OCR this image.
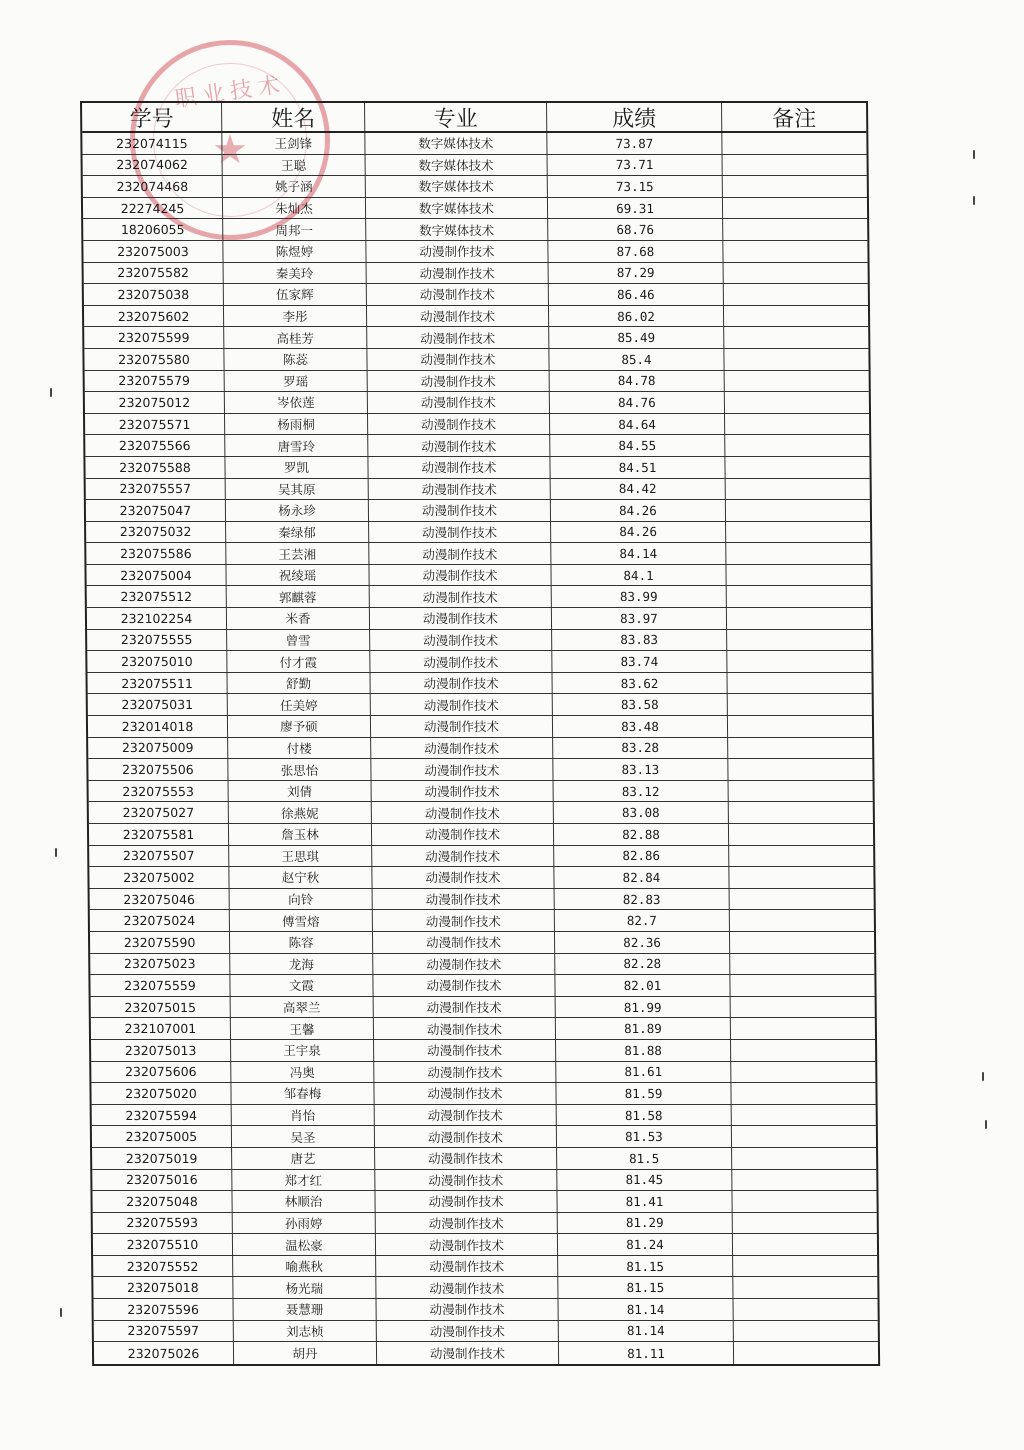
职业技术
★
学号	姓名	专业	成绩	备注
232074115	王剑锋	数字媒体技术	73.87
232074062	王聪	数字媒体技术	73.71
232074468	姚子涵	数字媒体技术	73.15
22274245	朱灿杰	数字媒体技术	69.31
18206055	周邦一	数字媒体技术	68.76
232075003	陈煜婷	动漫制作技术	87.68
232075582	秦美玲	动漫制作技术	87.29
232075038	伍家辉	动漫制作技术	86.46
232075602	李彤	动漫制作技术	86.02
232075599	高桂芳	动漫制作技术	85.49
232075580	陈蕊	动漫制作技术	85.4
232075579	罗瑶	动漫制作技术	84.78
232075012	岑依莲	动漫制作技术	84.76
232075571	杨雨桐	动漫制作技术	84.64
232075566	唐雪玲	动漫制作技术	84.55
232075588	罗凯	动漫制作技术	84.51
232075557	吴其原	动漫制作技术	84.42
232075047	杨永珍	动漫制作技术	84.26
232075032	秦绿郁	动漫制作技术	84.26
232075586	王芸湘	动漫制作技术	84.14
232075004	祝绫瑶	动漫制作技术	84.1
232075512	郭麒蓉	动漫制作技术	83.99
232102254	米香	动漫制作技术	83.97
232075555	曾雪	动漫制作技术	83.83
232075010	付才霞	动漫制作技术	83.74
232075511	舒勤	动漫制作技术	83.62
232075031	任美婷	动漫制作技术	83.58
232014018	廖予硕	动漫制作技术	83.48
232075009	付楼	动漫制作技术	83.28
232075506	张思怡	动漫制作技术	83.13
232075553	刘倩	动漫制作技术	83.12
232075027	徐燕妮	动漫制作技术	83.08
232075581	詹玉林	动漫制作技术	82.88
232075507	王思琪	动漫制作技术	82.86
232075002	赵宁秋	动漫制作技术	82.84
232075046	向铃	动漫制作技术	82.83
232075024	傅雪熔	动漫制作技术	82.7
232075590	陈容	动漫制作技术	82.36
232075023	龙海	动漫制作技术	82.28
232075559	文霞	动漫制作技术	82.01
232075015	高翠兰	动漫制作技术	81.99
232107001	王馨	动漫制作技术	81.89
232075013	王宇泉	动漫制作技术	81.88
232075606	冯奥	动漫制作技术	81.61
232075020	邹春梅	动漫制作技术	81.59
232075594	肖怡	动漫制作技术	81.58
232075005	吴圣	动漫制作技术	81.53
232075019	唐艺	动漫制作技术	81.5
232075016	郑才红	动漫制作技术	81.45
232075048	林顺治	动漫制作技术	81.41
232075593	孙雨婷	动漫制作技术	81.29
232075510	温松豪	动漫制作技术	81.24
232075552	喻燕秋	动漫制作技术	81.15
232075018	杨光瑞	动漫制作技术	81.15
232075596	聂慧珊	动漫制作技术	81.14
232075597	刘志桢	动漫制作技术	81.14
232075026	胡丹	动漫制作技术	81.11
